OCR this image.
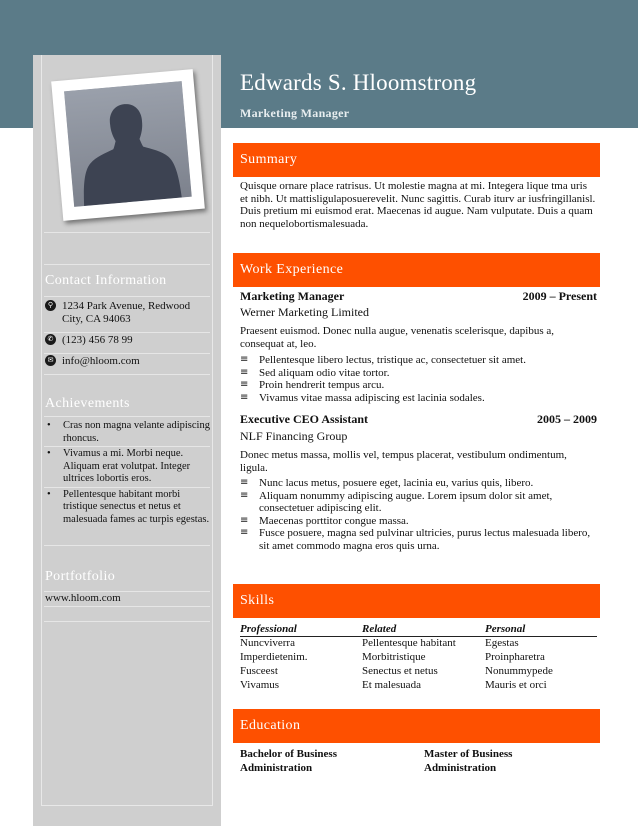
Edwards S. Hloomstrong
Marketing Manager
Contact Information
⚲ 1234 Park Avenue, Redwood
City, CA 94063
✆ (123) 456 78 99
✉ info@hloom.com
Achievements
• Cras non magna velante adipiscing rhoncus.
• Vivamus a mi. Morbi neque. Aliquam erat volutpat. Integer ultrices lobortis eros.
• Pellentesque habitant morbi tristique senectus et netus et malesuada fames ac turpis egestas.
Portfotfolio
www.hloom.com
Summary
Quisque ornare place ratrisus. Ut molestie magna at mi. Integera lique tma uris et nibh. Ut mattisligulaposuerevelit. Nunc sagittis. Curab iturv ar iusfringillanisl. Duis pretium mi euismod erat. Maecenas id augue. Nam vulputate. Duis a quam non nequelobortismalesuada.
Work Experience
Marketing Manager	2009 – Present
Werner Marketing Limited
Praesent euismod. Donec nulla augue, venenatis scelerisque, dapibus a, consequat at, leo.
≡ Pellentesque libero lectus, tristique ac, consectetuer sit amet.
≡ Sed aliquam odio vitae tortor.
≡ Proin hendrerit tempus arcu.
≡ Vivamus vitae massa adipiscing est lacinia sodales.
Executive CEO Assistant	2005 – 2009
NLF Financing Group
Donec metus massa, mollis vel, tempus placerat, vestibulum ondimentum, ligula.
≡ Nunc lacus metus, posuere eget, lacinia eu, varius quis, libero.
≡ Aliquam nonummy adipiscing augue. Lorem ipsum dolor sit amet, consectetuer adipiscing elit.
≡ Maecenas porttitor congue massa.
≡ Fusce posuere, magna sed pulvinar ultricies, purus lectus malesuada libero, sit amet commodo magna eros quis urna.
Skills
Professional
Nuncviverra
Imperdietenim.
Fusceest
Vivamus
Related
Pellentesque habitant
Morbitristique
Senectus et netus
Et malesuada
Personal
Egestas
Proinpharetra
Nonummypede
Mauris et orci
Education
Bachelor of Business
Administration
Master of Business
Administration
